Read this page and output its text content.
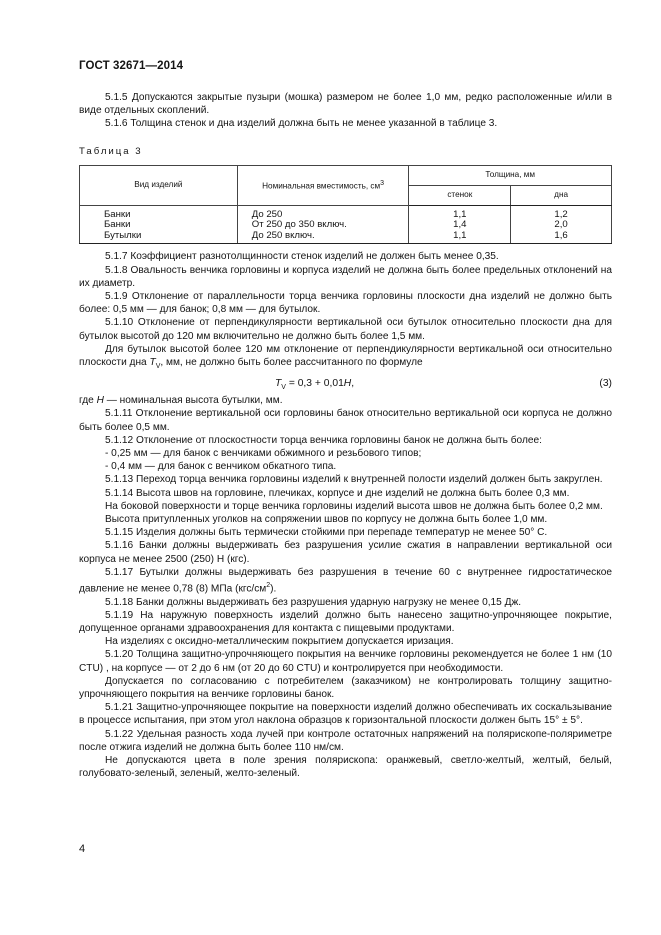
ГОСТ 32671—2014

5.1.5 Допускаются закрытые пузыри (мошка) размером не более 1,0 мм, редко расположенные и/или в виде отдельных скоплений.

5.1.6 Толщина стенок и дна изделий должна быть не менее указанной в таблице 3.

Таблица 3
Вид изделий	Номинальная вместимость, $см^3$	Толщина, мм	
		стенок	дна
Банки	До 250	1,1	1,2
Банки	От 250 до 350 включ.	1,4	2,0
Бутылки	До 250 включ.	1,1	1,6

5.1.7 Коэффициент разнотолщинности стенок изделий не должен быть менее 0,35.

5.1.8 Овальность венчика горловины и корпуса изделий не должна быть более предельных отклонений на их диаметр.

5.1.9 Отклонение от параллельности торца венчика горловины плоскости дна изделий не должно быть более: 0,5 мм — для банок; 0,8 мм — для бутылок.

5.1.10 Отклонение от перпендикулярности вертикальной оси бутылок относительно плоскости дна для бутылок высотой до 120 мм включительно не должно быть более 1,5 мм.

Для бутылок высотой более 120 мм отклонение от перпендикулярности вертикальной оси относительно плоскости дна $T_V$, мм, не должно быть более рассчитанного по формуле

$T_V = 0,3 + 0,01H$,	(3)

где H — номинальная высота бутылки, мм.

5.1.11 Отклонение вертикальной оси горловины банок относительно вертикальной оси корпуса не должно быть более 0,5 мм.

5.1.12 Отклонение от плоскостности торца венчика горловины банок не должна быть более:

- 0,25 мм — для банок с венчиками обжимного и резьбового типов;

- 0,4 мм — для банок с венчиком обкатного типа.

5.1.13 Переход торца венчика горловины изделий к внутренней полости изделий должен быть закруглен.

5.1.14 Высота швов на горловине, плечиках, корпусе и дне изделий не должна быть более 0,3 мм.

На боковой поверхности и торце венчика горловины изделий высота швов не должна быть более 0,2 мм.

Высота притупленных уголков на сопряжении швов по корпусу не должна быть более 1,0 мм.

5.1.15 Изделия должны быть термически стойкими при перепаде температур не менее 50° С.

5.1.16 Банки должны выдерживать без разрушения усилие сжатия в направлении вертикальной оси корпуса не менее 2500 (250) Н (кгс).

5.1.17 Бутылки должны выдерживать без разрушения в течение 60 с внутреннее гидростатическое давление не менее 0,78 (8) МПа $(кгс/см^2)$.

5.1.18 Банки должны выдерживать без разрушения ударную нагрузку не менее 0,15 Дж.

5.1.19 На наружную поверхность изделий должно быть нанесено защитно-упрочняющее покрытие, допущенное органами здравоохранения для контакта с пищевыми продуктами.

На изделиях с оксидно-металлическим покрытием допускается иризация.

5.1.20 Толщина защитно-упрочняющего покрытия на венчике горловины рекомендуется не более 1 нм (10 CTU) , на корпусе — от 2 до 6 нм (от 20 до 60 CTU) и контролируется при необходимости.

Допускается по согласованию с потребителем (заказчиком) не контролировать толщину защитно-упрочняющего покрытия на венчике горловины банок.

5.1.21 Защитно-упрочняющее покрытие на поверхности изделий должно обеспечивать их соскальзывание в процессе испытания, при этом угол наклона образцов к горизонтальной плоскости должен быть 15° ± 5°.

5.1.22 Удельная разность хода лучей при контроле остаточных напряжений на полярископе-поляриметре после отжига изделий не должна быть более 110 нм/см.

Не допускаются цвета в поле зрения полярископа: оранжевый, светло-желтый, желтый, белый, голубовато-зеленый, зеленый, желто-зеленый.

4
